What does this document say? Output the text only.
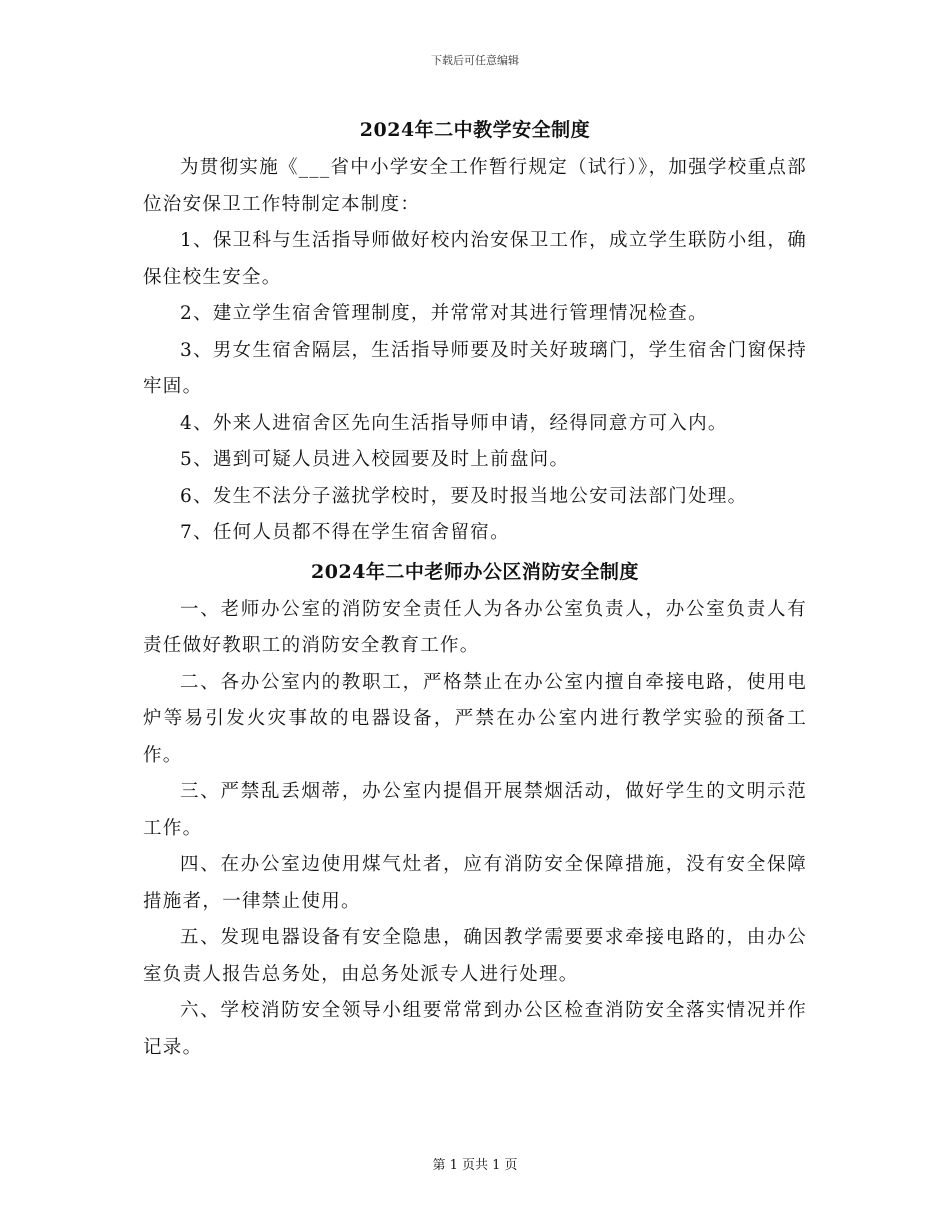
下载后可任意编辑
2024年二中教学安全制度

为贯彻实施《___省中小学安全工作暂行规定（试行）》，加强学校重点部位治安保卫工作特制定本制度：

1、保卫科与生活指导师做好校内治安保卫工作，成立学生联防小组，确保住校生安全。

2、建立学生宿舍管理制度，并常常对其进行管理情况检查。

3、男女生宿舍隔层，生活指导师要及时关好玻璃门，学生宿舍门窗保持牢固。

4、外来人进宿舍区先向生活指导师申请，经得同意方可入内。

5、遇到可疑人员进入校园要及时上前盘问。

6、发生不法分子滋扰学校时，要及时报当地公安司法部门处理。

7、任何人员都不得在学生宿舍留宿。

2024年二中老师办公区消防安全制度

一、老师办公室的消防安全责任人为各办公室负责人，办公室负责人有责任做好教职工的消防安全教育工作。

二、各办公室内的教职工，严格禁止在办公室内擅自牵接电路，使用电炉等易引发火灾事故的电器设备，严禁在办公室内进行教学实验的预备工作。

三、严禁乱丢烟蒂，办公室内提倡开展禁烟活动，做好学生的文明示范工作。

四、在办公室边使用煤气灶者，应有消防安全保障措施，没有安全保障措施者，一律禁止使用。

五、发现电器设备有安全隐患，确因教学需要要求牵接电路的，由办公室负责人报告总务处，由总务处派专人进行处理。

六、学校消防安全领导小组要常常到办公区检查消防安全落实情况并作记录。

第 1 页共 1 页
